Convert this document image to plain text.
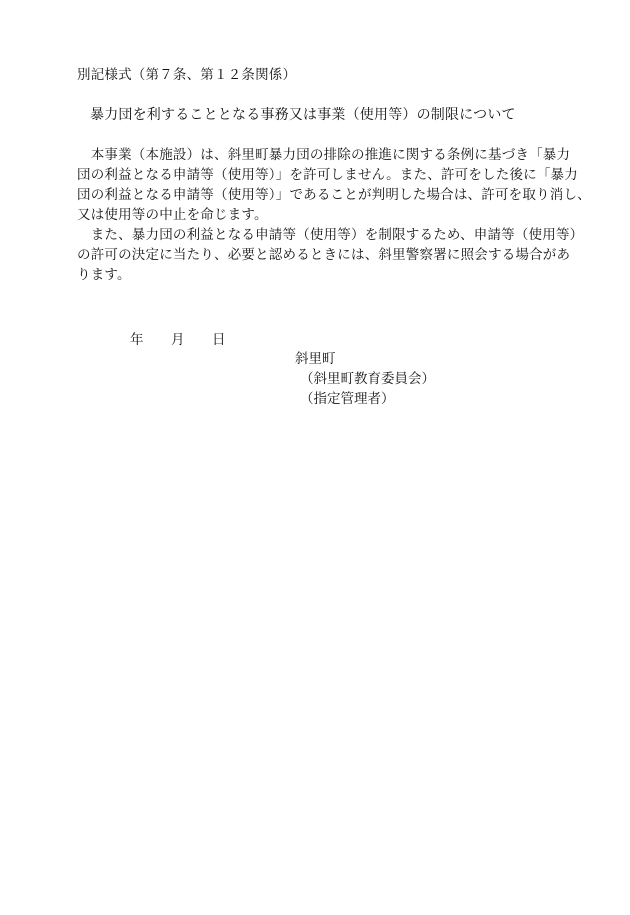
別記様式（第７条、第１２条関係）
暴力団を利することとなる事務又は事業（使用等）の制限について
　本事業（本施設）は、斜里町暴力団の排除の推進に関する条例に基づき「暴力
団の利益となる申請等（使用等）」を許可しません。また、許可をした後に「暴力
団の利益となる申請等（使用等）」であることが判明した場合は、許可を取り消し、
又は使用等の中止を命じます。
　また、暴力団の利益となる申請等（使用等）を制限するため、申請等（使用等）
の許可の決定に当たり、必要と認めるときには、斜里警察署に照会する場合があ
ります。
年 月 日
斜里町
（斜里町教育委員会）
（指定管理者）
